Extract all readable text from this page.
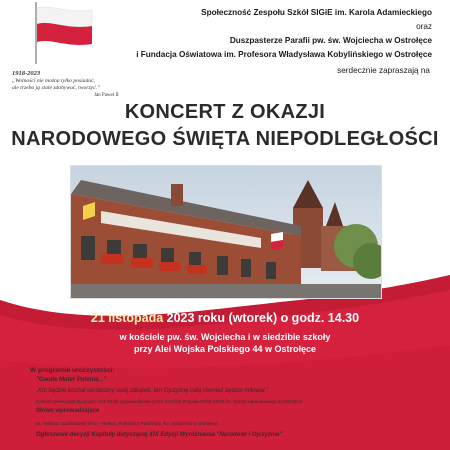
1918-2023
„Wolności nie można tylko posiadać,
ale trzeba ją stale zdobywać, tworzyć.”
Jan Paweł II
Społeczność Zespołu Szkół SIGiE im. Karola Adamieckiego
oraz
Duszpasterze Parafii pw. św. Wojciecha w Ostrołęce
i Fundacja Oświatowa im. Profesora Władysława Kobylińskiego w Ostrołęce
serdecznie zapraszają na
KONCERT Z OKAZJI
NARODOWEGO ŚWIĘTA NIEPODLEGŁOŚCI
21 listopada 2023 roku (wtorek) o godz. 14.30
w kościele pw. św. Wojciecha i w siedzibie szkoły
przy Alei Wojska Polskiego 44 w Ostrołęce
W programie uroczystości:
"Gaude Mater Polonia..."
„Kto będzie kochał serdeczny swój zakątek, ten Ojczyznę całą również będzie miłował.”
Koncert pieśni patriotycznych oraz strofy wypowiedziane przez uczniów Zespołu Szkół SIGiE im. Karola Adamieckiego w Ostrołęce
Słowo wprowadzające
ks. Tadeusz Zaciśkowski SAC – Rektor, Proboszcz Parafii pw. św. Wojciecha w Ostrołęce
Ogłoszenie decyzji Kapituły dotyczącej XIX Edycji Wyróżnienia "Narodowi i Ojczyźnie"
